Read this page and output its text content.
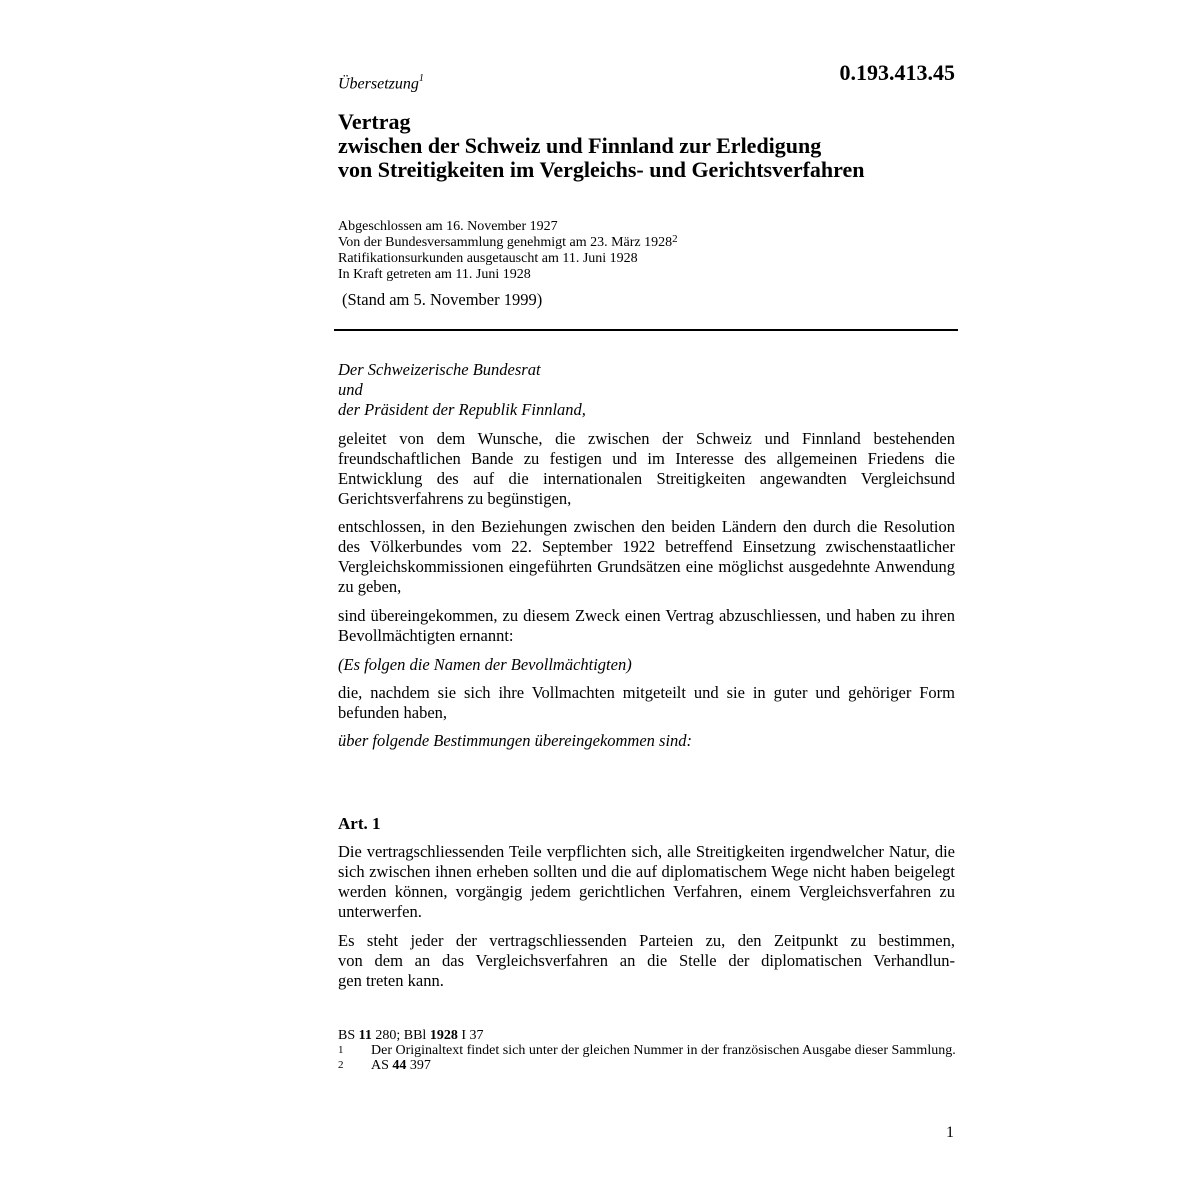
Übersetzung$^1$	0.193.413.45
Vertrag
zwischen der Schweiz und Finnland zur Erledigung
von Streitigkeiten im Vergleichs- und Gerichtsverfahren
Abgeschlossen am 16. November 1927
Von der Bundesversammlung genehmigt am 23. März 1928$^2$
Ratifikationsurkunden ausgetauscht am 11. Juni 1928
In Kraft getreten am 11. Juni 1928
(Stand am 5. November 1999)
Der Schweizerische Bundesrat
und
der Präsident der Republik Finnland,
geleitet von dem Wunsche, die zwischen der Schweiz und Finnland bestehenden freundschaftlichen Bande zu festigen und im Interesse des allgemeinen Friedens die Entwicklung des auf die internationalen Streitigkeiten angewandten Vergleichsund Gerichtsverfahrens zu begünstigen,
entschlossen, in den Beziehungen zwischen den beiden Ländern den durch die Resolution des Völkerbundes vom 22. September 1922 betreffend Einsetzung zwischenstaatlicher Vergleichskommissionen eingeführten Grundsätzen eine möglichst ausgedehnte Anwendung zu geben,
sind übereingekommen, zu diesem Zweck einen Vertrag abzuschliessen, und haben zu ihren Bevollmächtigten ernannt:
(Es folgen die Namen der Bevollmächtigten)
die, nachdem sie sich ihre Vollmachten mitgeteilt und sie in guter und gehöriger Form befunden haben,
über folgende Bestimmungen übereingekommen sind:
Art. 1
Die vertragschliessenden Teile verpflichten sich, alle Streitigkeiten irgendwelcher Natur, die sich zwischen ihnen erheben sollten und die auf diplomatischem Wege nicht haben beigelegt werden können, vorgängig jedem gerichtlichen Verfahren, einem Vergleichsverfahren zu unterwerfen.
Es steht jeder der vertragschliessenden Parteien zu, den Zeitpunkt zu bestimmen,
von dem an das Vergleichsverfahren an die Stelle der diplomatischen Verhandlun-
gen treten kann.
BS 11 280; BBl 1928 I 37
1	Der Originaltext findet sich unter der gleichen Nummer in der französischen Ausgabe dieser Sammlung.
2	AS 44 397
1
